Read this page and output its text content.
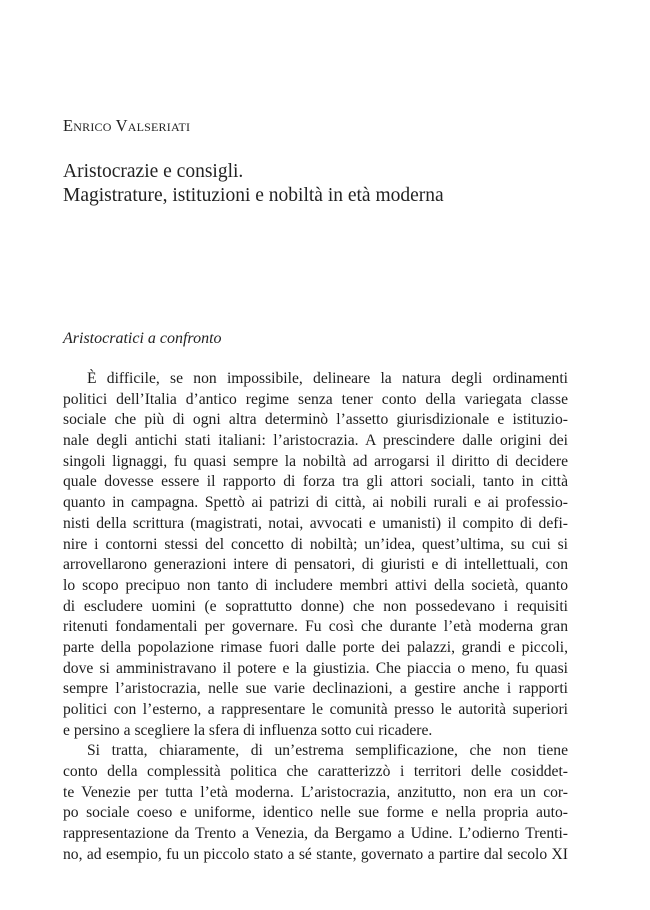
Enrico Valseriati
Aristocrazie e consigli.
Magistrature, istituzioni e nobiltà in età moderna
Aristocratici a confronto
È difficile, se non impossibile, delineare la natura degli ordinamenti
politici dell’Italia d’antico regime senza tener conto della variegata classe
sociale che più di ogni altra determinò l’assetto giurisdizionale e istituzio-
nale degli antichi stati italiani: l’aristocrazia. A prescindere dalle origini dei
singoli lignaggi, fu quasi sempre la nobiltà ad arrogarsi il diritto di decidere
quale dovesse essere il rapporto di forza tra gli attori sociali, tanto in città
quanto in campagna. Spettò ai patrizi di città, ai nobili rurali e ai professio-
nisti della scrittura (magistrati, notai, avvocati e umanisti) il compito di defi-
nire i contorni stessi del concetto di nobiltà; un’idea, quest’ultima, su cui si
arrovellarono generazioni intere di pensatori, di giuristi e di intellettuali, con
lo scopo precipuo non tanto di includere membri attivi della società, quanto
di escludere uomini (e soprattutto donne) che non possedevano i requisiti
ritenuti fondamentali per governare. Fu così che durante l’età moderna gran
parte della popolazione rimase fuori dalle porte dei palazzi, grandi e piccoli,
dove si amministravano il potere e la giustizia. Che piaccia o meno, fu quasi
sempre l’aristocrazia, nelle sue varie declinazioni, a gestire anche i rapporti
politici con l’esterno, a rappresentare le comunità presso le autorità superiori
e persino a scegliere la sfera di influenza sotto cui ricadere.
Si tratta, chiaramente, di un’estrema semplificazione, che non tiene
conto della complessità politica che caratterizzò i territori delle cosiddet-
te Venezie per tutta l’età moderna. L’aristocrazia, anzitutto, non era un cor-
po sociale coeso e uniforme, identico nelle sue forme e nella propria auto-
rappresentazione da Trento a Venezia, da Bergamo a Udine. L’odierno Trenti-
no, ad esempio, fu un piccolo stato a sé stante, governato a partire dal secolo XI
